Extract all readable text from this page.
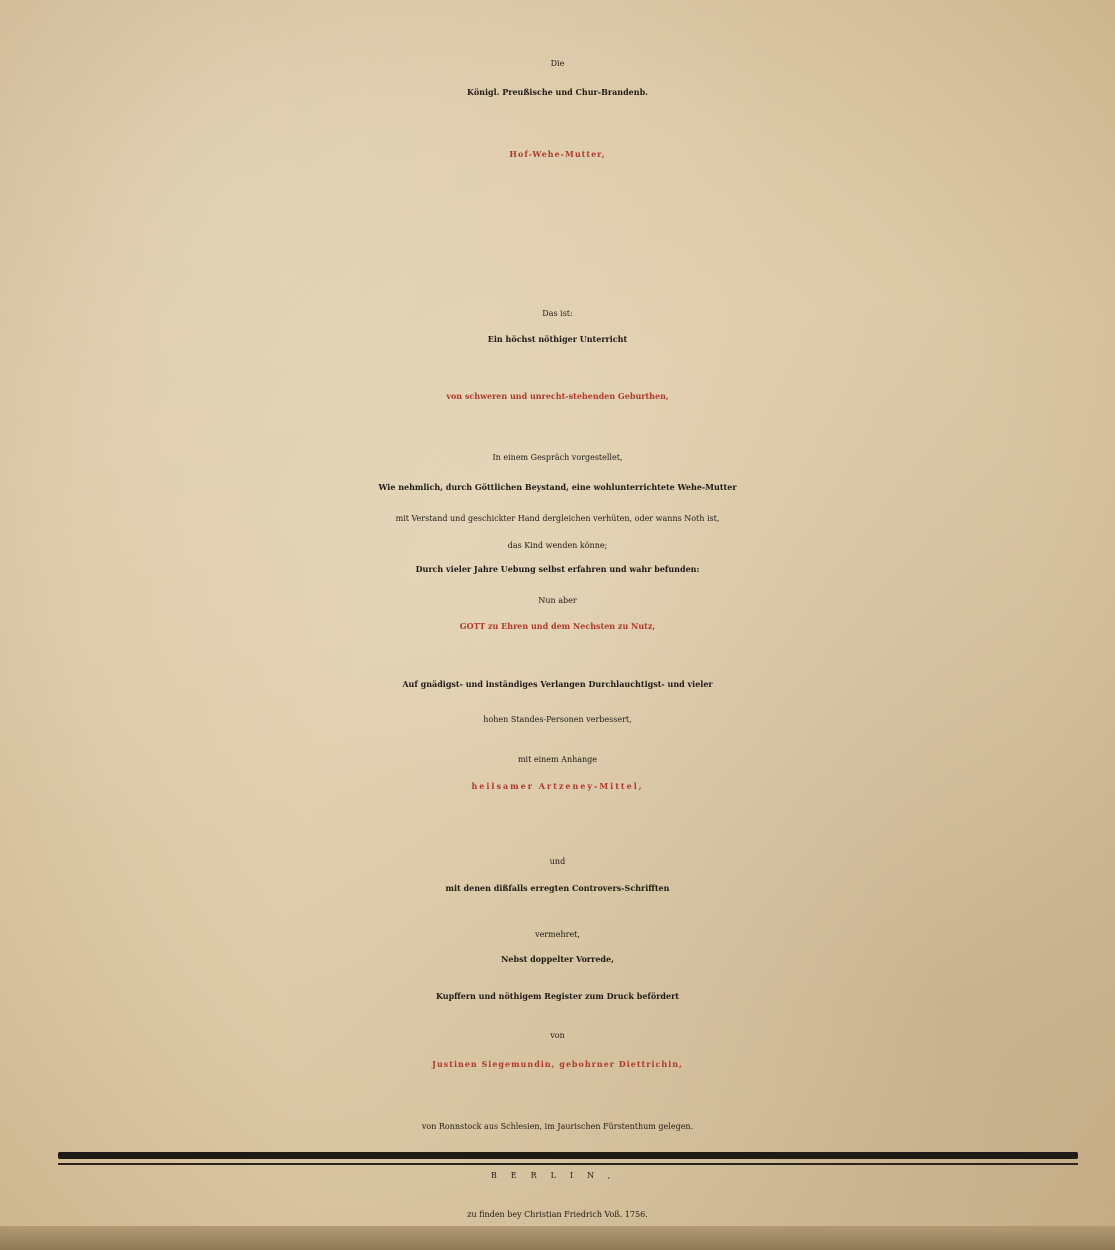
Die
Königl. Preußische und Chur-Brandenb.
Hof-Wehe-Mutter,
Das ist:
Ein höchst nöthiger Unterricht
von schweren und unrecht-stehenden Geburthen,
In einem Gespräch vorgestellet,
Wie nehmlich, durch Göttlichen Beystand, eine wohlunterrichtete Wehe-Mutter
mit Verstand und geschickter Hand dergleichen verhüten, oder wanns Noth ist,
das Kind wenden könne;
Durch vieler Jahre Uebung selbst erfahren und wahr befunden:
Nun aber
GOTT zu Ehren und dem Nechsten zu Nutz,
Auf gnädigst- und inständiges Verlangen Durchlauchtigst- und vieler
hohen Standes-Personen verbessert,
mit einem Anhange
heilsamer Artzeney-Mittel,
und
mit denen dißfalls erregten Controvers-Schrifften
vermehret,
Nebst doppelter Vorrede,
Kupffern und nöthigem Register zum Druck befördert
von
Justinen Siegemundin, gebohrner Diettrichin,
von Ronnstock aus Schlesien, im Jaurischen Fürstenthum gelegen.
BERLIN,
zu finden bey Christian Friedrich Voß. 1756.
